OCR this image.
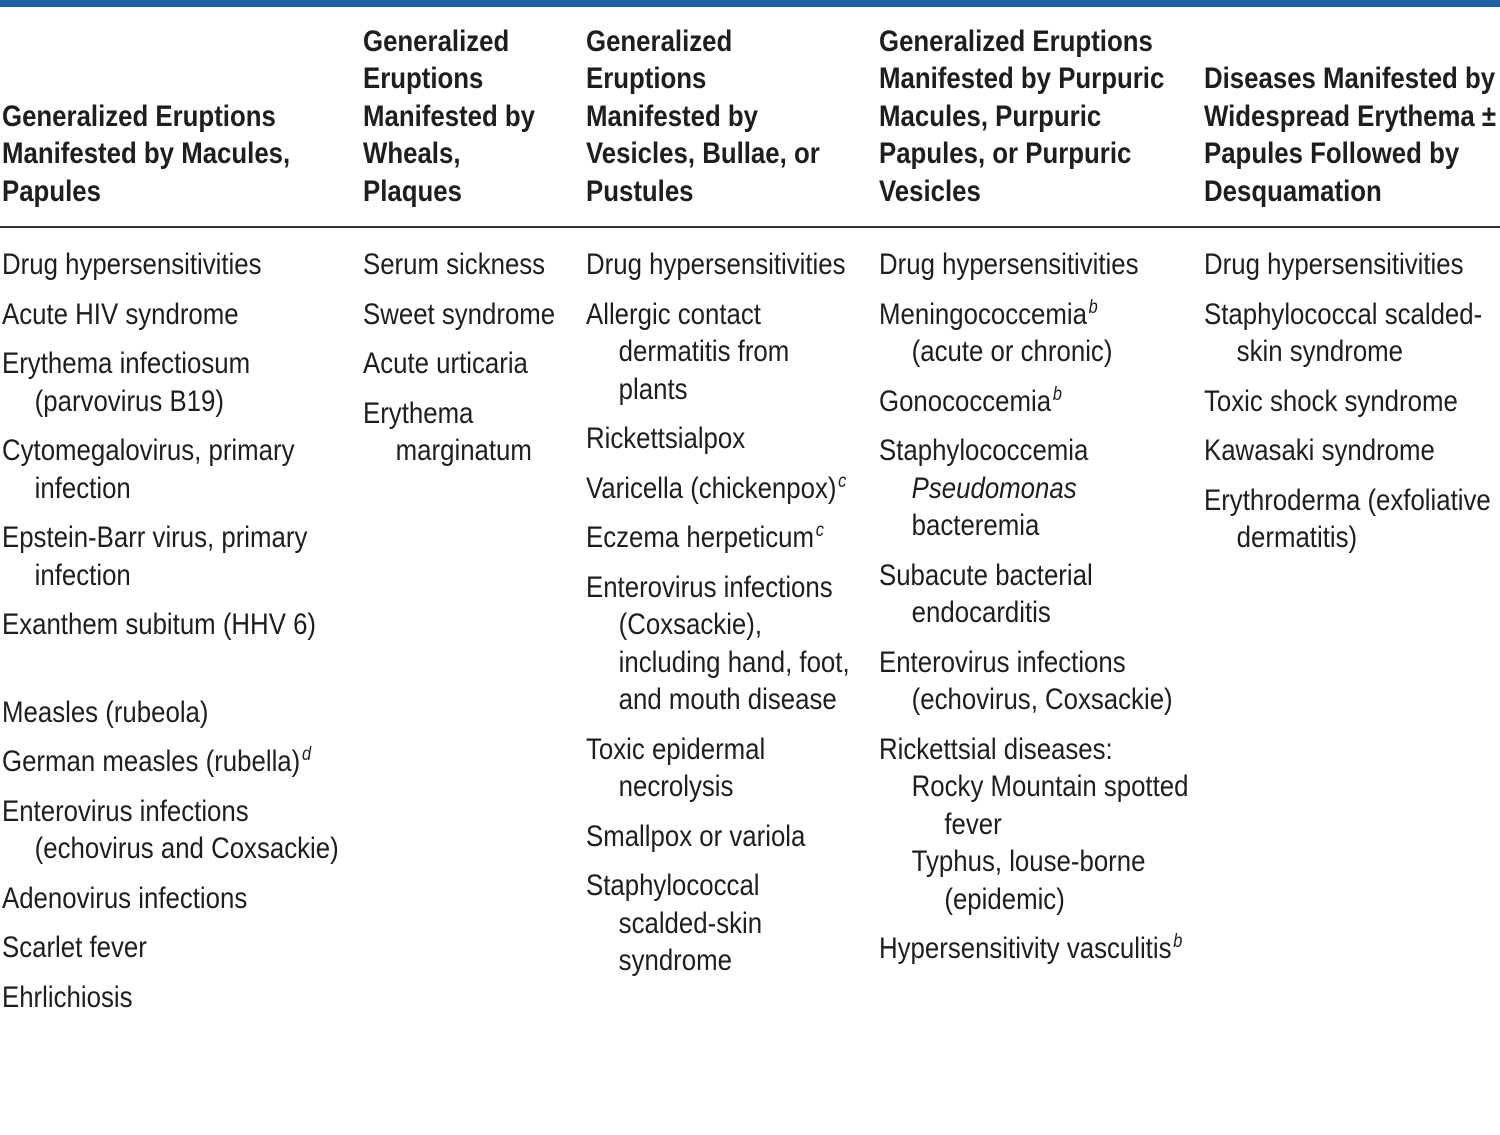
Generalized Eruptions Manifested by Macules, Papules
Generalized Eruptions Manifested by Wheals, Plaques
Generalized Eruptions Manifested by Vesicles, Bullae, or Pustules
Generalized Eruptions Manifested by Purpuric Macules, Purpuric Papules, or Purpuric Vesicles
Diseases Manifested by Widespread Erythema ± Papules Followed by Desquamation
Drug hypersensitivities
Acute HIV syndrome
Erythema infectiosum (parvovirus B19)
Cytomegalovirus, primary infection
Epstein-Barr virus, primary infection
Exanthem subitum (HHV 6)
Measles (rubeola)
German measles (rubella)$^d$
Enterovirus infections (echovirus and Coxsackie)
Adenovirus infections
Scarlet fever
Ehrlichiosis
Serum sickness
Sweet syndrome
Acute urticaria
Erythema marginatum
Drug hypersensitivities
Allergic contact dermatitis from plants
Rickettsialpox
Varicella (chickenpox)$^c$
Eczema herpeticum$^c$
Enterovirus infections (Coxsackie), including hand, foot, and mouth disease
Toxic epidermal necrolysis
Smallpox or variola
Staphylococcal scalded-skin syndrome
Drug hypersensitivities
Meningococcemia$^b$
(acute or chronic)
Gonococcemia$^b$
Staphylococcemia
Pseudomonas
bacteremia
Subacute bacterial endocarditis
Enterovirus infections (echovirus, Coxsackie)
Rickettsial diseases:
Rocky Mountain spotted fever
Typhus, louse-borne (epidemic)
Hypersensitivity vasculitis$^b$
Drug hypersensitivities
Staphylococcal scalded-skin syndrome
Toxic shock syndrome
Kawasaki syndrome
Erythroderma (exfoliative dermatitis)
